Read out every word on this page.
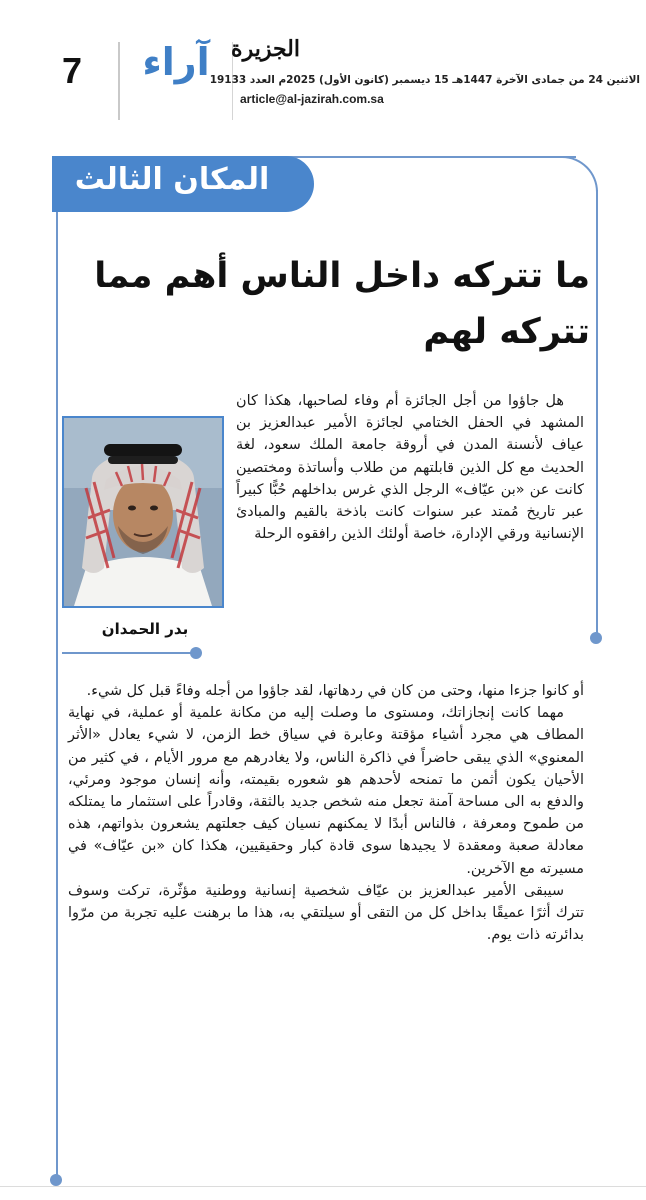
7	آراء الجزيرة
الاثنين 24 من جمادى الآخرة 1447هـ 15 ديسمبر (كانون الأول) 2025م العدد 19133
article@al-jazirah.com.sa
المكان الثالث
ما تتركه داخل الناس أهم مما تتركه لهم
بدر الحمدان

هل جاؤوا من أجل الجائزة أم وفاء لصاحبها، هكذا كان المشهد في الحفل الختامي لجائزة الأمير عبدالعزيز بن عياف لأنسنة المدن في أروقة جامعة الملك سعود، لغة الحديث مع كل الذين قابلتهم من طلاب وأساتذة ومختصين كانت عن «بن عيّاف» الرجل الذي غرس بداخلهم حُبًّا كبيراً عبر تاريخ مُمتد عبر سنوات كانت باذخة بالقيم والمبادئ الإنسانية ورقي الإدارة، خاصة أولئك الذين رافقوه الرحلة

أو كانوا جزءا منها، وحتى من كان في ردهاتها، لقد جاؤوا من أجله وفاءً قبل كل شيء.

مهما كانت إنجازاتك، ومستوى ما وصلت إليه من مكانة علمية أو عملية، في نهاية المطاف هي مجرد أشياء مؤقتة وعابرة في سياق خط الزمن، لا شيء يعادل «الأثر المعنوي» الذي يبقى حاضراً في ذاكرة الناس، ولا يغادرهم مع مرور الأيام ، في كثير من الأحيان يكون أثمن ما تمنحه لأحدهم هو شعوره بقيمته، وأنه إنسان موجود ومرئي، والدفع به الى مساحة آمنة تجعل منه شخص جديد بالثقة، وقادراً على استثمار ما يمتلكه من طموح ومعرفة ، فالناس أبدًا لا يمكنهم نسيان كيف جعلتهم يشعرون بذواتهم، هذه معادلة صعبة ومعقدة لا يجيدها سوى قادة كبار وحقيقيين، هكذا كان «بن عيّاف» في مسيرته مع الآخرين.

سيبقى الأمير عبدالعزيز بن عيّاف شخصية إنسانية ووطنية مؤثّرة، تركت وسوف تترك أثرًا عميقًا بداخل كل من التقى أو سيلتقي به، هذا ما برهنت عليه تجربة من مرّوا بدائرته ذات يوم.
